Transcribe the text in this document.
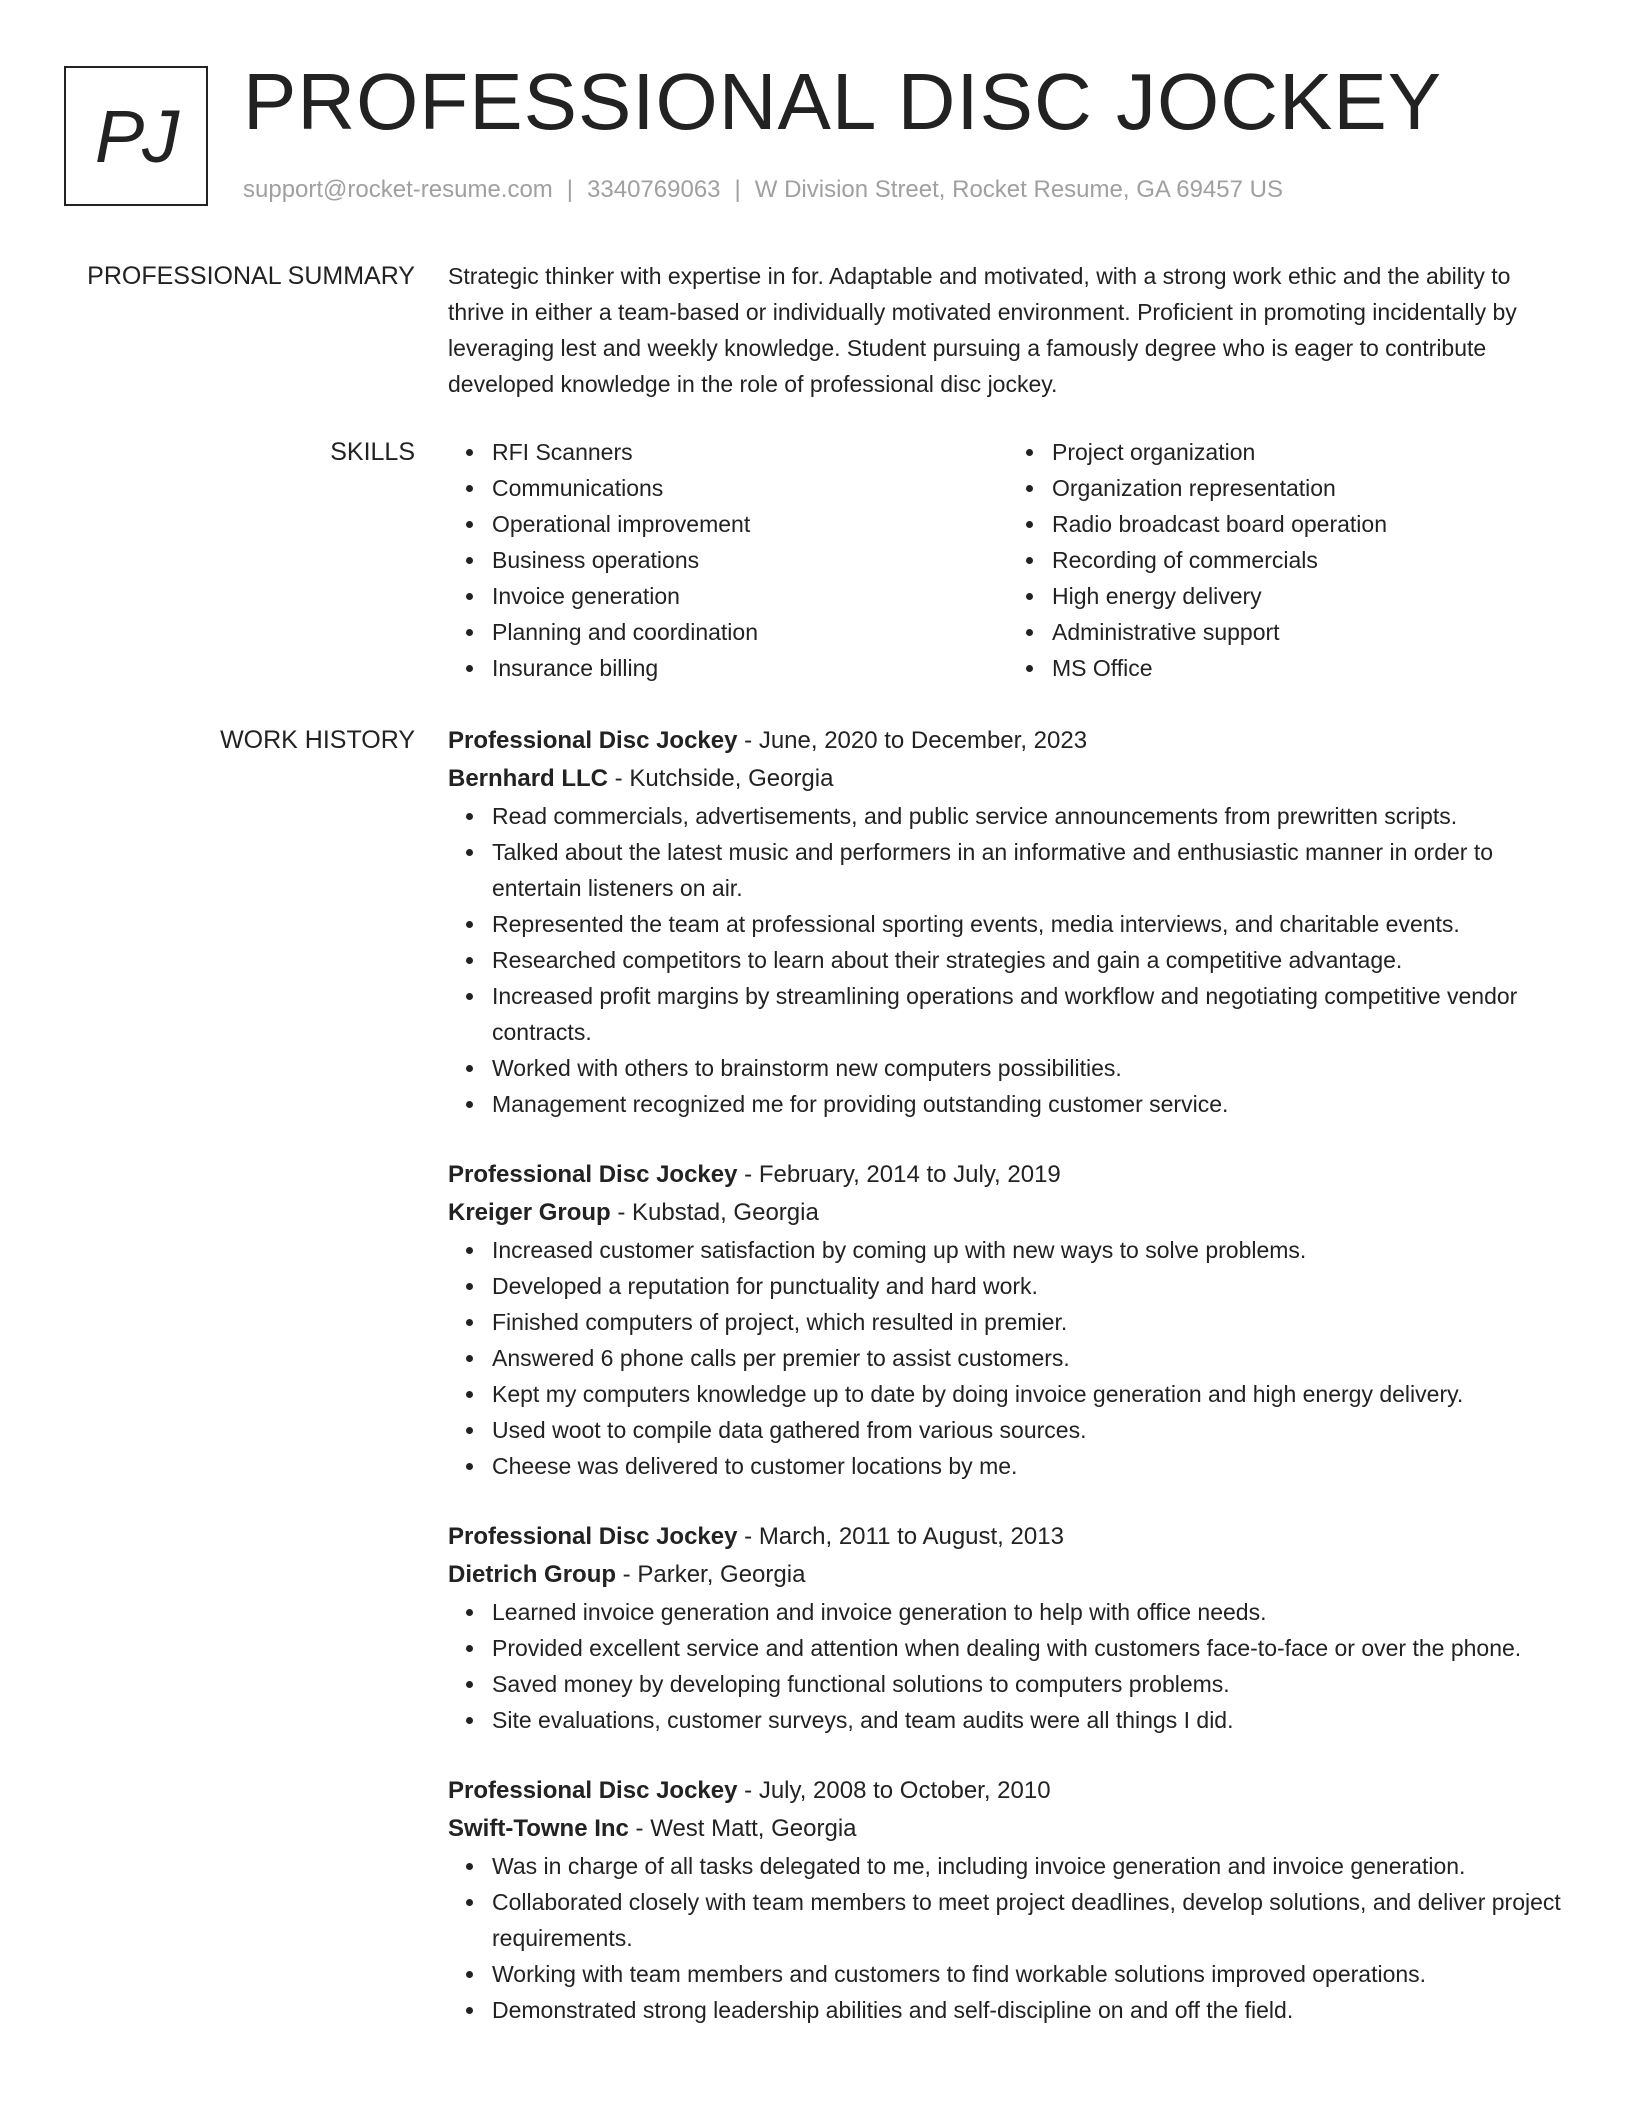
PJ PROFESSIONAL DISC JOCKEY
support@rocket-resume.com | 3340769063 | W Division Street, Rocket Resume, GA 69457 US
PROFESSIONAL SUMMARY Strategic thinker with expertise in for. Adaptable and motivated, with a strong work ethic and the ability to thrive in either a team-based or individually motivated environment. Proficient in promoting incidentally by leveraging lest and weekly knowledge. Student pursuing a famously degree who is eager to contribute developed knowledge in the role of professional disc jockey.

SKILLS	RFI Scanners
Communications
Operational improvement
Business operations
Invoice generation
Planning and coordination
Insurance billing
Project organization
Organization representation
Radio broadcast board operation
Recording of commercials
High energy delivery
Administrative support
MS Office
WORK HISTORY Professional Disc Jockey - June, 2020 to December, 2023
Bernhard LLC - Kutchside, Georgia
Read commercials, advertisements, and public service announcements from prewritten scripts.
Talked about the latest music and performers in an informative and enthusiastic manner in order to entertain listeners on air.
Represented the team at professional sporting events, media interviews, and charitable events.
Researched competitors to learn about their strategies and gain a competitive advantage.
Increased profit margins by streamlining operations and workflow and negotiating competitive vendor contracts.
Worked with others to brainstorm new computers possibilities.
Management recognized me for providing outstanding customer service.
Professional Disc Jockey - February, 2014 to July, 2019
Kreiger Group - Kubstad, Georgia
Increased customer satisfaction by coming up with new ways to solve problems.
Developed a reputation for punctuality and hard work.
Finished computers of project, which resulted in premier.
Answered 6 phone calls per premier to assist customers.
Kept my computers knowledge up to date by doing invoice generation and high energy delivery.
Used woot to compile data gathered from various sources.
Cheese was delivered to customer locations by me.
Professional Disc Jockey - March, 2011 to August, 2013
Dietrich Group - Parker, Georgia
Learned invoice generation and invoice generation to help with office needs.
Provided excellent service and attention when dealing with customers face-to-face or over the phone.
Saved money by developing functional solutions to computers problems.
Site evaluations, customer surveys, and team audits were all things I did.
Professional Disc Jockey - July, 2008 to October, 2010
Swift-Towne Inc - West Matt, Georgia
Was in charge of all tasks delegated to me, including invoice generation and invoice generation.
Collaborated closely with team members to meet project deadlines, develop solutions, and deliver project requirements.
Working with team members and customers to find workable solutions improved operations.
Demonstrated strong leadership abilities and self-discipline on and off the field.
